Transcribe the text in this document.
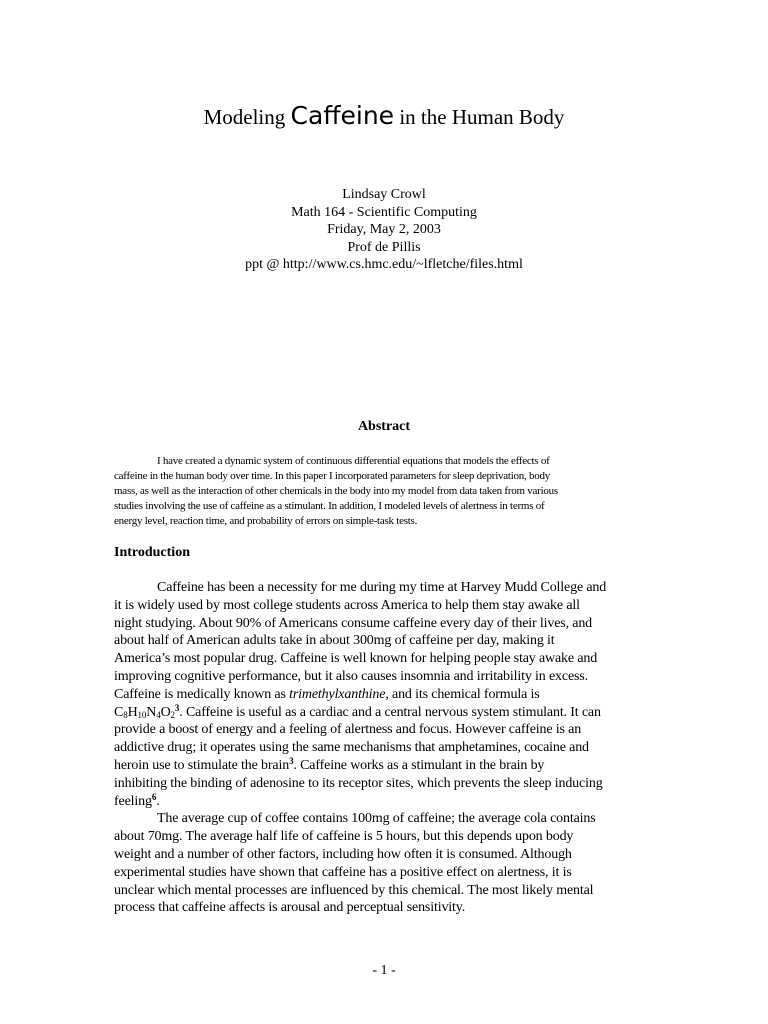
Modeling Caffeine in the Human Body
Lindsay Crowl
Math 164 - Scientific Computing
Friday, May 2, 2003
Prof de Pillis
ppt @ http://www.cs.hmc.edu/~lfletche/files.html
Abstract
I have created a dynamic system of continuous differential equations that models the effects of
caffeine in the human body over time. In this paper I incorporated parameters for sleep deprivation, body
mass, as well as the interaction of other chemicals in the body into my model from data taken from various
studies involving the use of caffeine as a stimulant. In addition, I modeled levels of alertness in terms of
energy level, reaction time, and probability of errors on simple-task tests.
Introduction
Caffeine has been a necessity for me during my time at Harvey Mudd College and
it is widely used by most college students across America to help them stay awake all
night studying. About 90% of Americans consume caffeine every day of their lives, and
about half of American adults take in about 300mg of caffeine per day, making it
America’s most popular drug. Caffeine is well known for helping people stay awake and
improving cognitive performance, but it also causes insomnia and irritability in excess.
Caffeine is medically known as trimethylxanthine, and its chemical formula is
$C_8H_{10}N_4O_2^3$. Caffeine is useful as a cardiac and a central nervous system stimulant. It can
provide a boost of energy and a feeling of alertness and focus. However caffeine is an
addictive drug; it operates using the same mechanisms that amphetamines, cocaine and
heroin use to stimulate the brain$^3$. Caffeine works as a stimulant in the brain by
inhibiting the binding of adenosine to its receptor sites, which prevents the sleep inducing
feeling$^6$.
The average cup of coffee contains 100mg of caffeine; the average cola contains
about 70mg. The average half life of caffeine is 5 hours, but this depends upon body
weight and a number of other factors, including how often it is consumed. Although
experimental studies have shown that caffeine has a positive effect on alertness, it is
unclear which mental processes are influenced by this chemical. The most likely mental
process that caffeine affects is arousal and perceptual sensitivity.
- 1 -
